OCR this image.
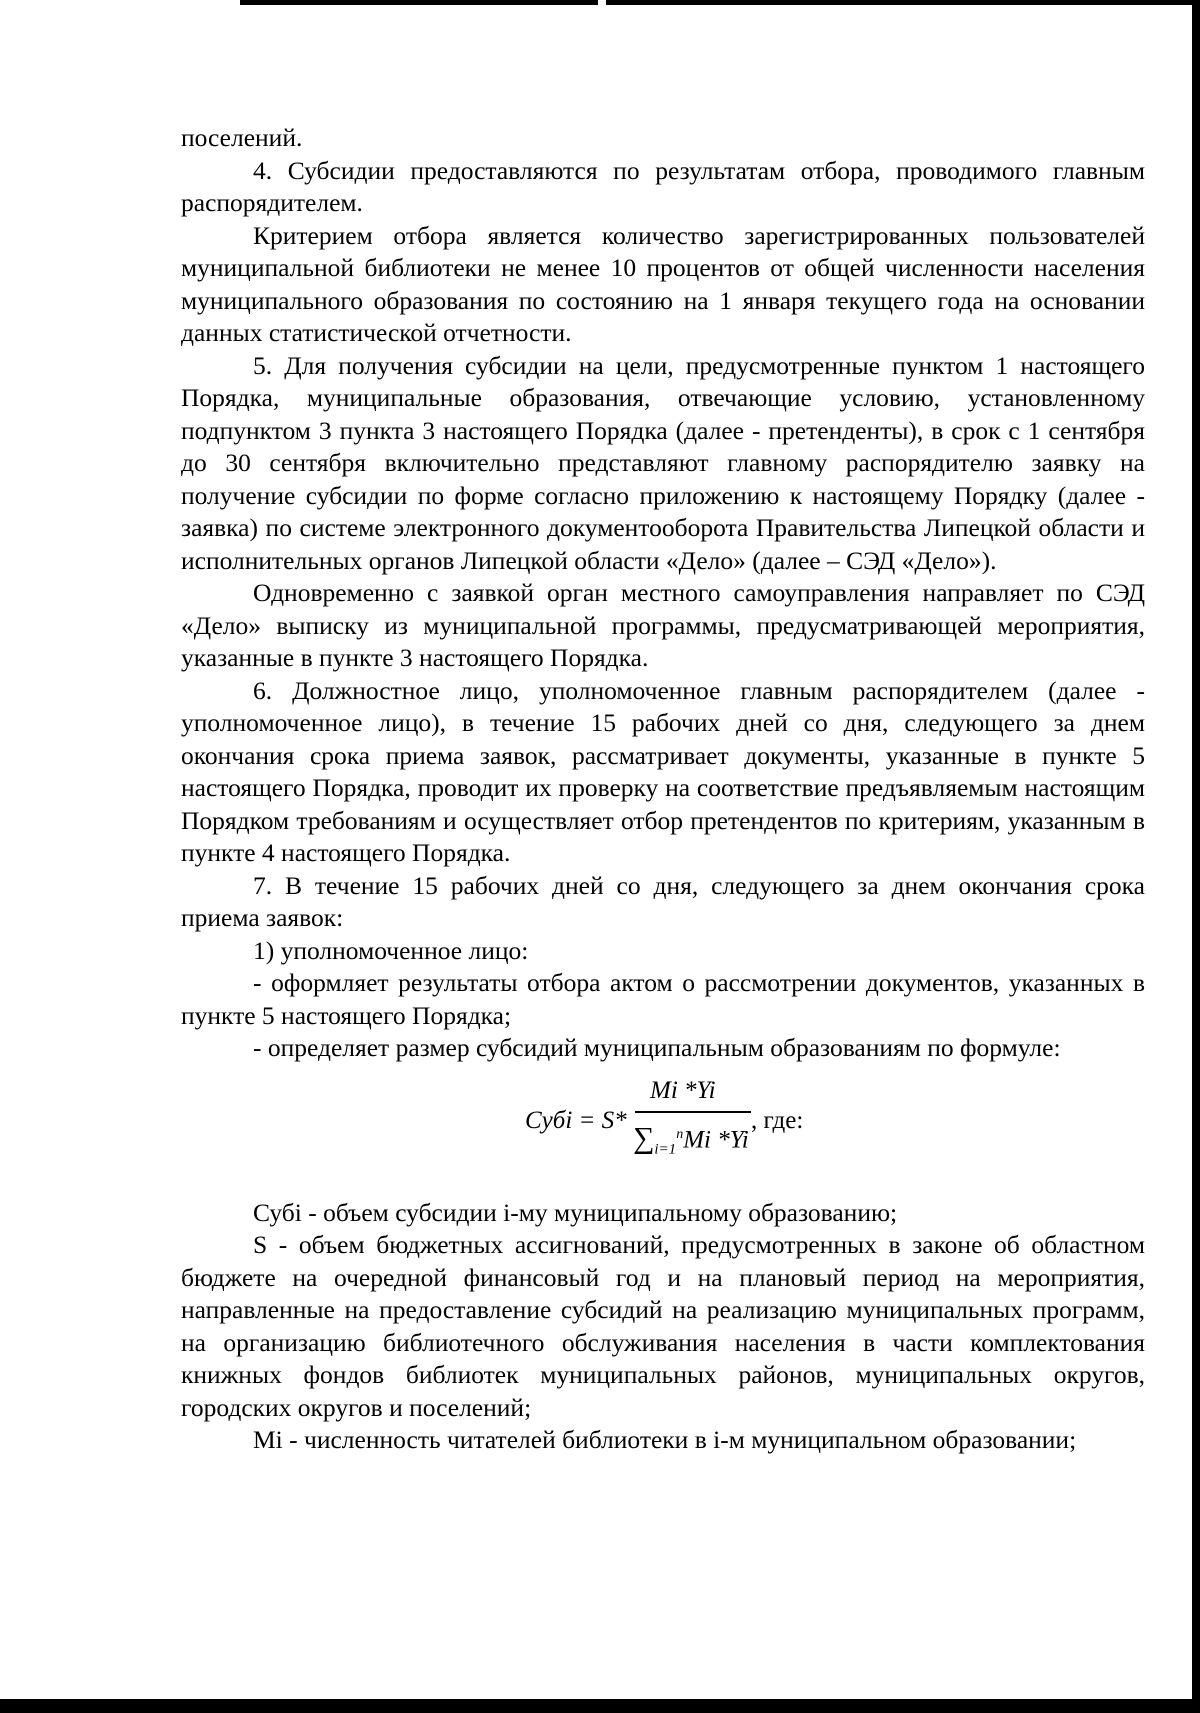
поселений.

4. Субсидии предоставляются по результатам отбора, проводимого главным распорядителем.

Критерием отбора является количество зарегистрированных пользователей муниципальной библиотеки не менее 10 процентов от общей численности населения муниципального образования по состоянию на 1 января текущего года на основании данных статистической отчетности.

5. Для получения субсидии на цели, предусмотренные пунктом 1 настоящего Порядка, муниципальные образования, отвечающие условию, установленному подпунктом 3 пункта 3 настоящего Порядка (далее - претенденты), в срок с 1 сентября до 30 сентября включительно представляют главному распорядителю заявку на получение субсидии по форме согласно приложению к настоящему Порядку (далее - заявка) по системе электронного документооборота Правительства Липецкой области и исполнительных органов Липецкой области «Дело» (далее – СЭД «Дело»).

Одновременно с заявкой орган местного самоуправления направляет по СЭД «Дело» выписку из муниципальной программы, предусматривающей мероприятия, указанные в пункте 3 настоящего Порядка.

6. Должностное лицо, уполномоченное главным распорядителем (далее - уполномоченное лицо), в течение 15 рабочих дней со дня, следующего за днем окончания срока приема заявок, рассматривает документы, указанные в пункте 5 настоящего Порядка, проводит их проверку на соответствие предъявляемым настоящим Порядком требованиям и осуществляет отбор претендентов по критериям, указанным в пункте 4 настоящего Порядка.

7. В течение 15 рабочих дней со дня, следующего за днем окончания срока приема заявок:

1) уполномоченное лицо:

- оформляет результаты отбора актом о рассмотрении документов, указанных в пункте 5 настоящего Порядка;

- определяет размер субсидий муниципальным образованиям по формуле:

Субi = S*
Mi *Yi
$\sum_{i=1}^nMi$ *Yi
, где:

Субi - объем субсидии i-му муниципальному образованию;

S - объем бюджетных ассигнований, предусмотренных в законе об областном бюджете на очередной финансовый год и на плановый период на мероприятия, направленные на предоставление субсидий на реализацию муниципальных программ, на организацию библиотечного обслуживания населения в части комплектования книжных фондов библиотек муниципальных районов, муниципальных округов, городских округов и поселений;

Mi - численность читателей библиотеки в i-м муниципальном образовании;
